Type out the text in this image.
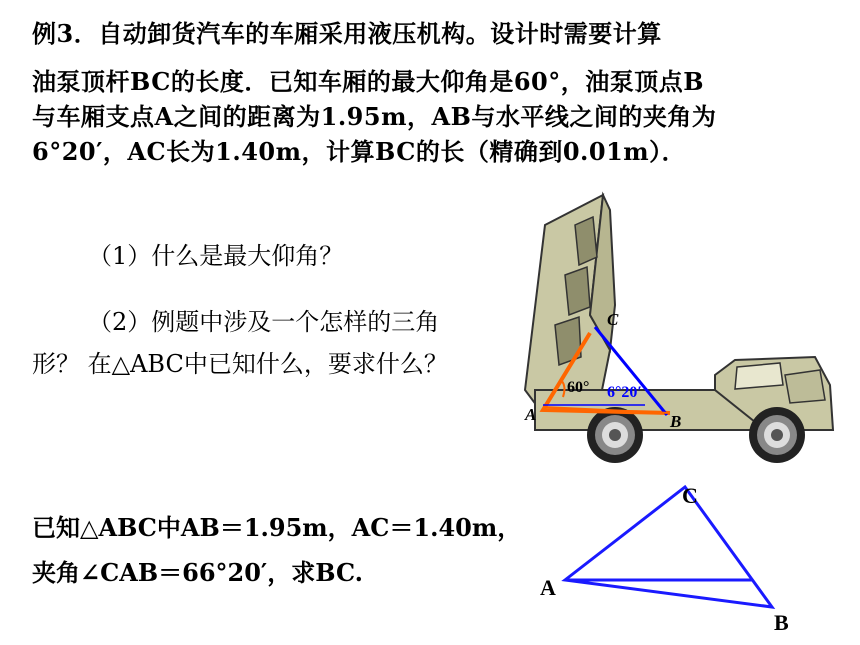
例3．自动卸货汽车的车厢采用液压机构。设计时需要计算
油泵顶杆BC的长度．已知车厢的最大仰角是60°，油泵顶点B
与车厢支点A之间的距离为1.95m，AB与水平线之间的夹角为
6°20′，AC长为1.40m，计算BC的长（精确到0.01m）．
（1）什么是最大仰角？
（2）例题中涉及一个怎样的三角
形？ 在△ABC中已知什么，要求什么？
已知△ABC中AB＝1.95m，AC＝1.40m，
夹角∠CAB＝66°20′，求BC.
A	B
C
60° 6°20′
A
B
C
